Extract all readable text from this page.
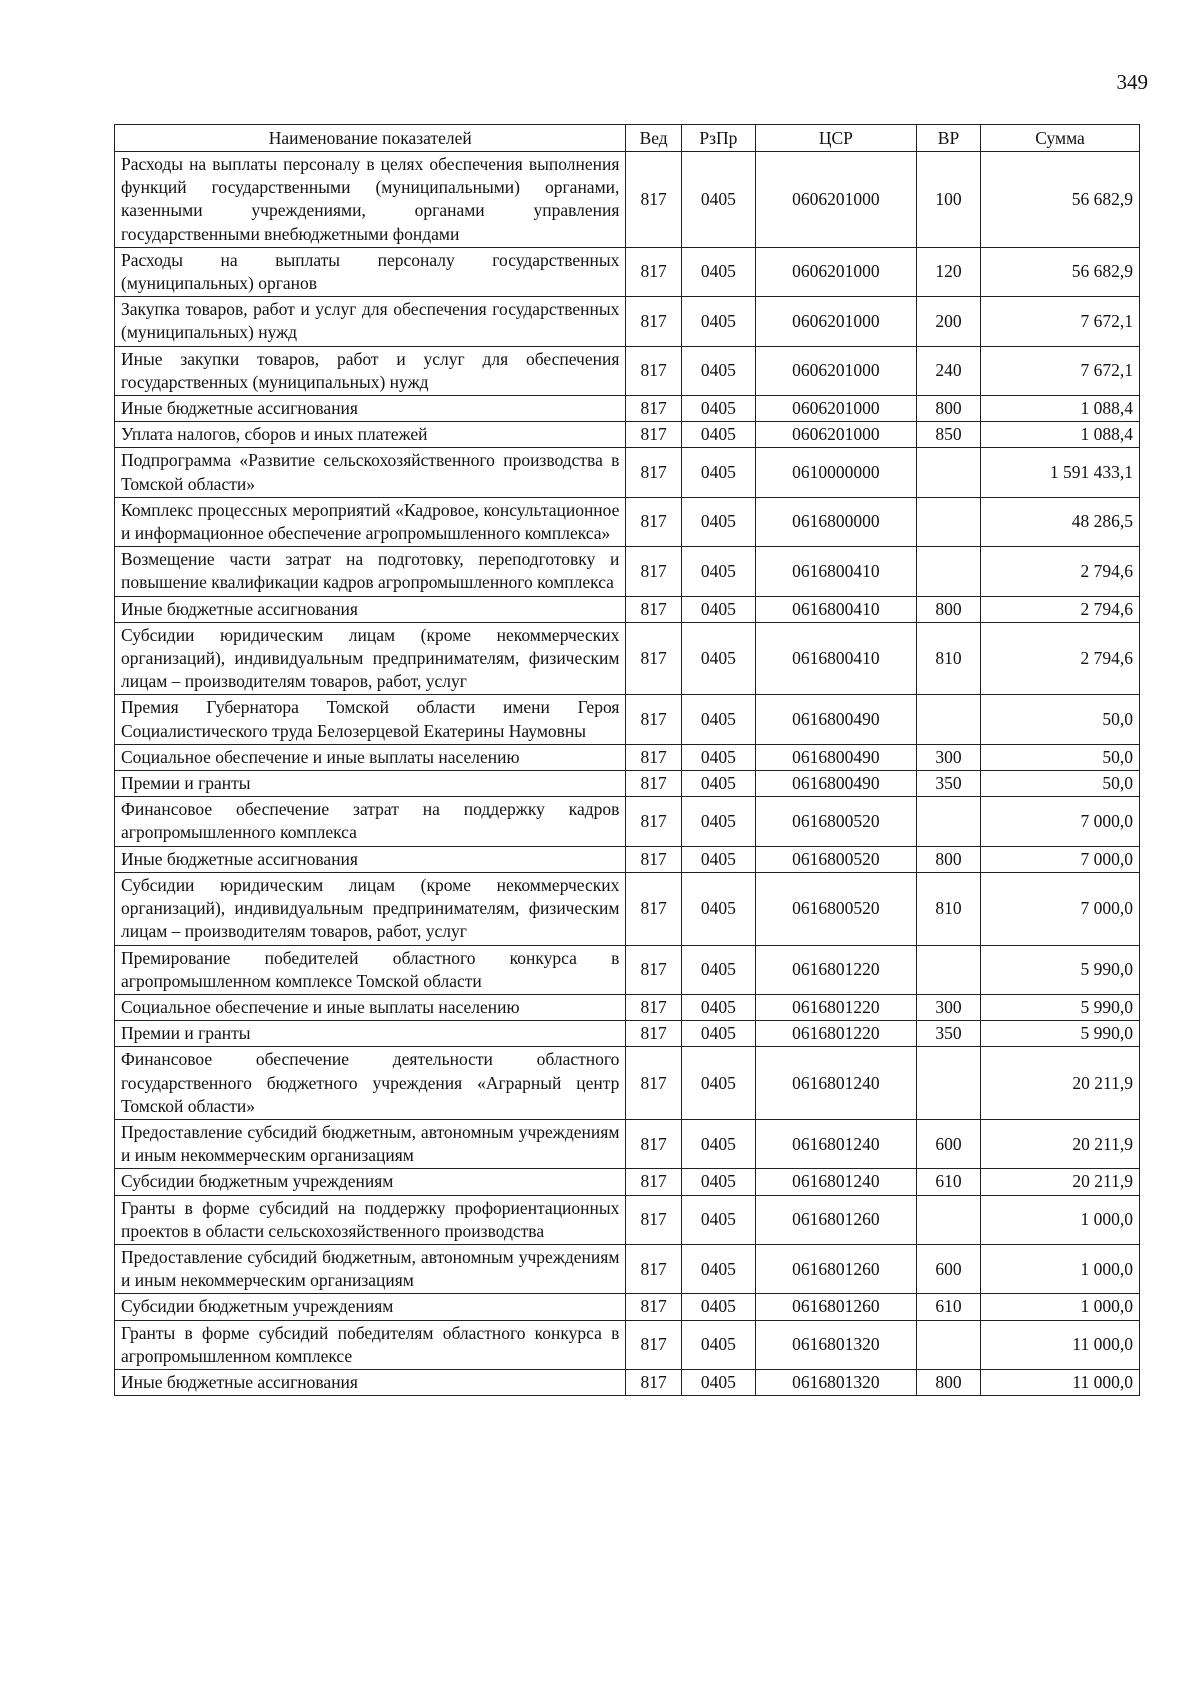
349
Наименование показателей	Вед	РзПр	ЦСР	ВР	Сумма
Расходы на выплаты персоналу в целях обеспечения выполнения функций государственными (муниципальными) органами, казенными учреждениями, органами управления государственными внебюджетными фондами	817	0405	0606201000	100	56 682,9
Расходы на выплаты персоналу государственных (муниципальных) органов	817	0405	0606201000	120	56 682,9
Закупка товаров, работ и услуг для обеспечения государственных (муниципальных) нужд	817	0405	0606201000	200	7 672,1
Иные закупки товаров, работ и услуг для обеспечения государственных (муниципальных) нужд	817	0405	0606201000	240	7 672,1
Иные бюджетные ассигнования	817	0405	0606201000	800	1 088,4
Уплата налогов, сборов и иных платежей	817	0405	0606201000	850	1 088,4
Подпрограмма «Развитие сельскохозяйственного производства в Томской области»	817	0405	0610000000		1 591 433,1
Комплекс процессных мероприятий «Кадровое, консультационное и информационное обеспечение агропромышленного комплекса»	817	0405	0616800000		48 286,5
Возмещение части затрат на подготовку, переподготовку и повышение квалификации кадров агропромышленного комплекса	817	0405	0616800410		2 794,6
Иные бюджетные ассигнования	817	0405	0616800410	800	2 794,6
Субсидии юридическим лицам (кроме некоммерческих организаций), индивидуальным предпринимателям, физическим лицам – производителям товаров, работ, услуг	817	0405	0616800410	810	2 794,6
Премия Губернатора Томской области имени Героя Социалистического труда Белозерцевой Екатерины Наумовны	817	0405	0616800490		50,0
Социальное обеспечение и иные выплаты населению	817	0405	0616800490	300	50,0
Премии и гранты	817	0405	0616800490	350	50,0
Финансовое обеспечение затрат на поддержку кадров агропромышленного комплекса	817	0405	0616800520		7 000,0
Иные бюджетные ассигнования	817	0405	0616800520	800	7 000,0
Субсидии юридическим лицам (кроме некоммерческих организаций), индивидуальным предпринимателям, физическим лицам – производителям товаров, работ, услуг	817	0405	0616800520	810	7 000,0
Премирование победителей областного конкурса в агропромышленном комплексе Томской области	817	0405	0616801220		5 990,0
Социальное обеспечение и иные выплаты населению	817	0405	0616801220	300	5 990,0
Премии и гранты	817	0405	0616801220	350	5 990,0
Финансовое обеспечение деятельности областного государственного бюджетного учреждения «Аграрный центр Томской области»	817	0405	0616801240		20 211,9
Предоставление субсидий бюджетным, автономным учреждениям и иным некоммерческим организациям	817	0405	0616801240	600	20 211,9
Субсидии бюджетным учреждениям	817	0405	0616801240	610	20 211,9
Гранты в форме субсидий на поддержку профориентационных проектов в области сельскохозяйственного производства	817	0405	0616801260		1 000,0
Предоставление субсидий бюджетным, автономным учреждениям и иным некоммерческим организациям	817	0405	0616801260	600	1 000,0
Субсидии бюджетным учреждениям	817	0405	0616801260	610	1 000,0
Гранты в форме субсидий победителям областного конкурса в агропромышленном комплексе	817	0405	0616801320		11 000,0
Иные бюджетные ассигнования	817	0405	0616801320	800	11 000,0
